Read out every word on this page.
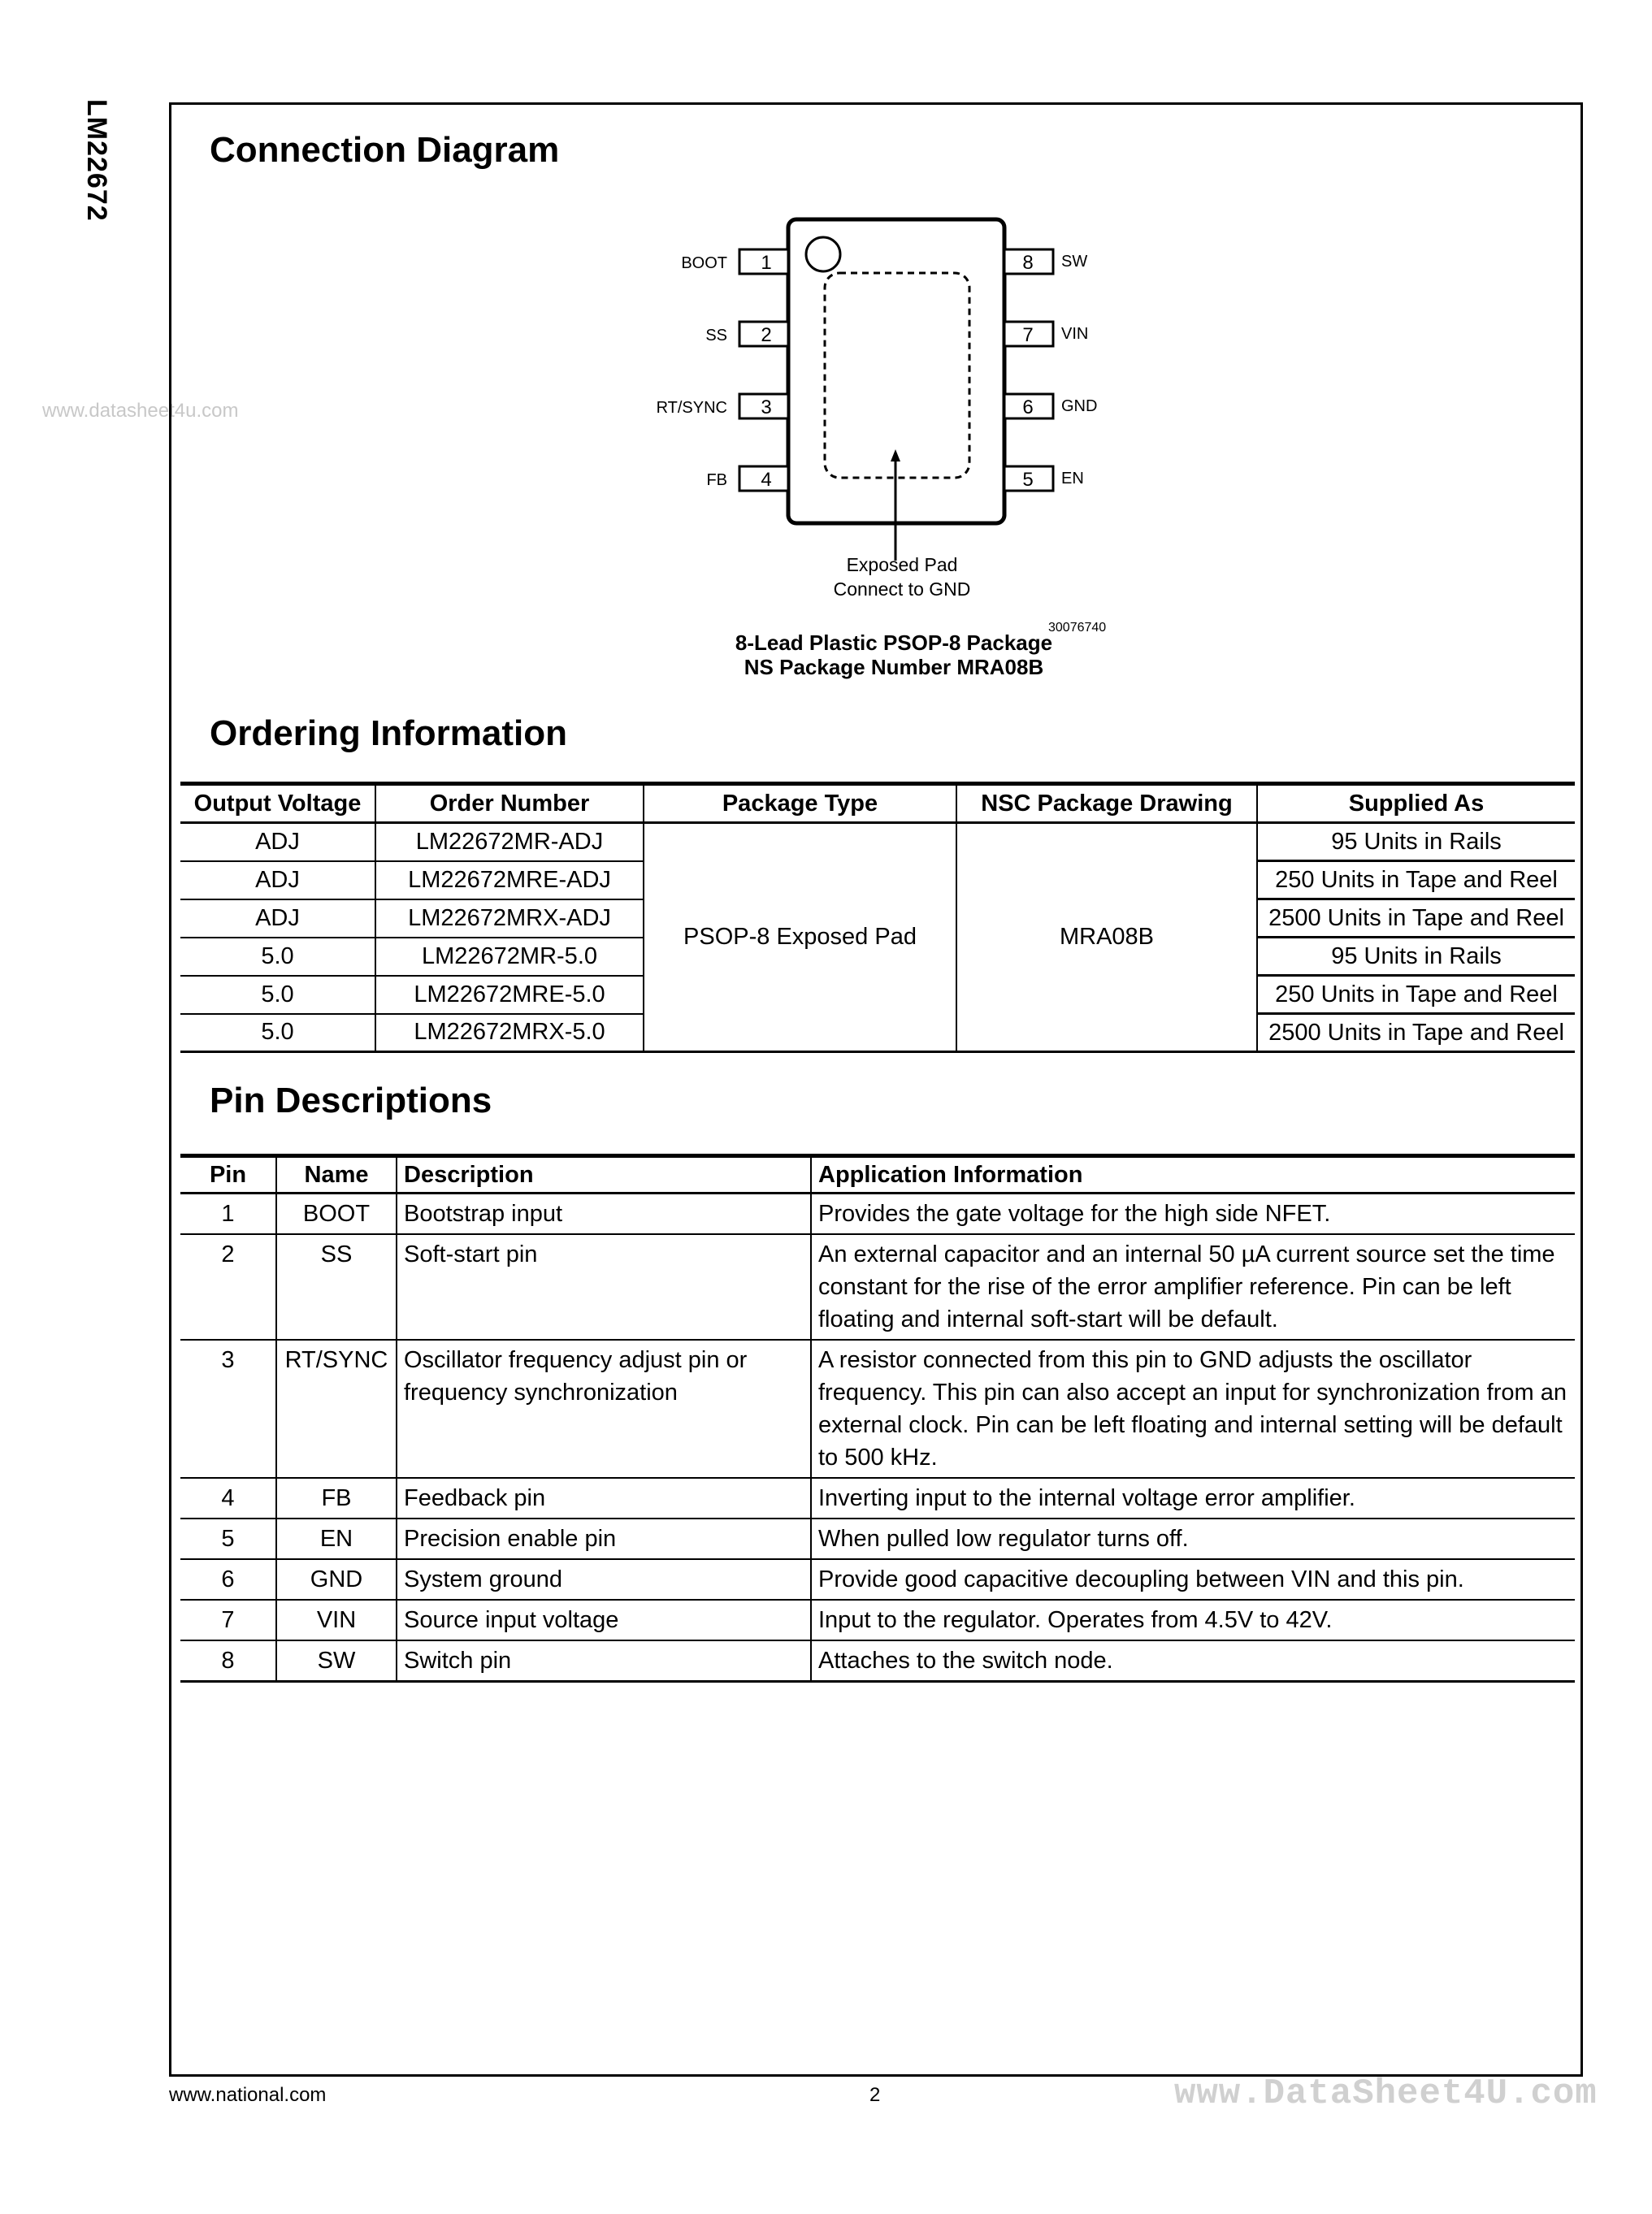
LM22672
www.datasheet4u.com
Connection Diagram
1
2
3
4
8
7
6
5
BOOT
SS
RT/SYNC
FB
SW
VIN
GND
EN
Exposed Pad
Connect to GND
30076740
8-Lead Plastic PSOP-8 Package
NS Package Number MRA08B
Ordering Information
Output Voltage	Order Number	Package Type	NSC Package Drawing	Supplied As
ADJ	LM22672MR-ADJ	PSOP-8 Exposed Pad	MRA08B	95 Units in Rails
ADJ	LM22672MRE-ADJ			250 Units in Tape and Reel
ADJ	LM22672MRX-ADJ			2500 Units in Tape and Reel
5.0	LM22672MR-5.0			95 Units in Rails
5.0	LM22672MRE-5.0			250 Units in Tape and Reel
5.0	LM22672MRX-5.0			2500 Units in Tape and Reel
Pin Descriptions
Pin	Name	Description	Application Information
1	BOOT	Bootstrap input	Provides the gate voltage for the high side NFET.
2	SS	Soft-start pin	An external capacitor and an internal 50 µA current source set the time constant for the rise of the error amplifier reference. Pin can be left floating and internal soft-start will be default.
3	RT/SYNC	Oscillator frequency adjust pin or frequency synchronization	A resistor connected from this pin to GND adjusts the oscillator frequency. This pin can also accept an input for synchronization from an external clock. Pin can be left floating and internal setting will be default to 500 kHz.
4	FB	Feedback pin	Inverting input to the internal voltage error amplifier.
5	EN	Precision enable pin	When pulled low regulator turns off.
6	GND	System ground	Provide good capacitive decoupling between VIN and this pin.
7	VIN	Source input voltage	Input to the regulator. Operates from 4.5V to 42V.
8	SW	Switch pin	Attaches to the switch node.
www.national.com	2	www.DataSheet4U.com
